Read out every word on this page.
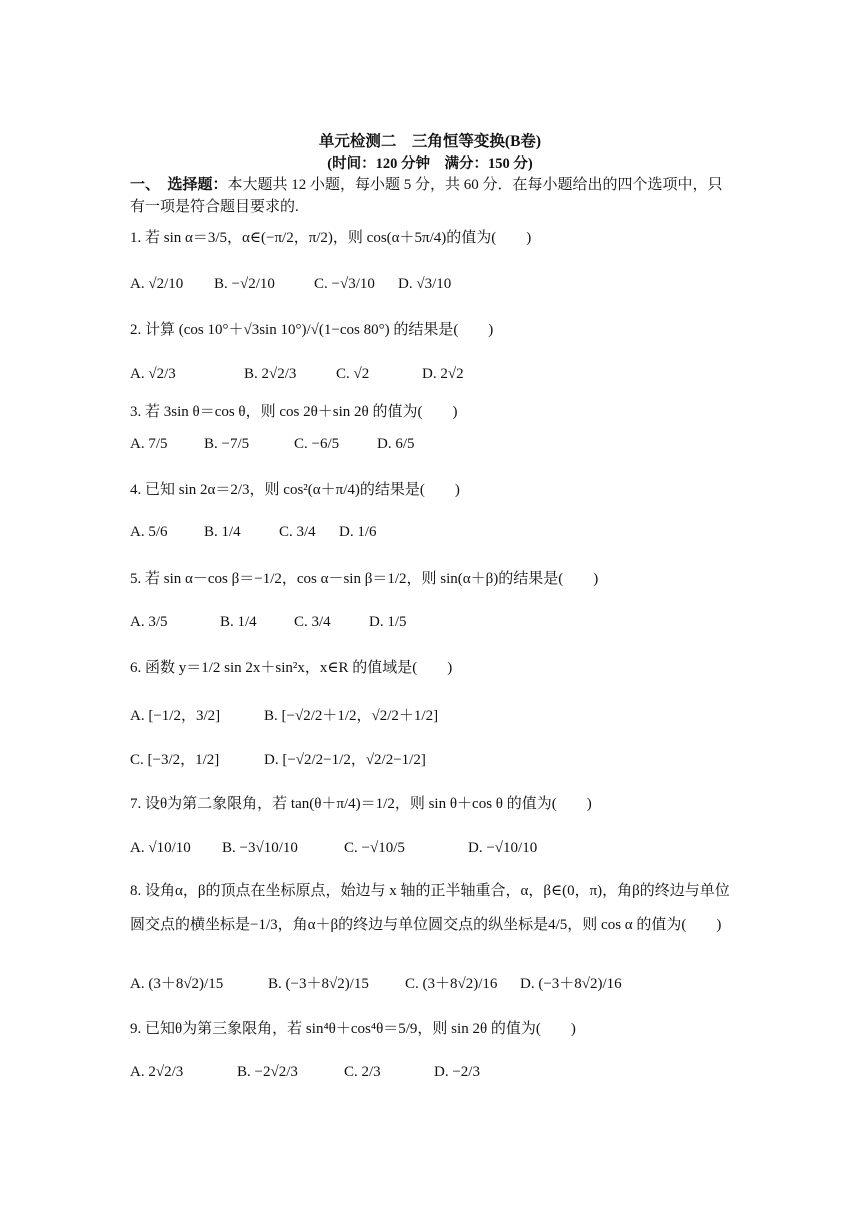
单元检测二　三角恒等变换(B卷)
(时间：120 分钟　满分：150 分)
一、　选择题：本大题共 12 小题，每小题 5 分，共 60 分．在每小题给出的四个选项中，只有一项是符合题目要求的.
1. 若 sin α＝3/5，α∈(−π/2，π/2)，则 cos(α＋5π/4)的值为(　　)
A. √2/10 B. −√2/10	C. −√3/10 D. √3/10
2. 计算 (cos 10°＋√3sin 10°)/√(1−cos 80°) 的结果是(　　)
A. √2/3	B. 2√2/3	C. √2	D. 2√2
3. 若 3sin θ＝cos θ，则 cos 2θ＋sin 2θ 的值为(　　)
A. 7/5 B. −7/5	C. −6/5	D. 6/5
4. 已知 sin 2α＝2/3，则 cos²(α＋π/4)的结果是(　　)
A. 5/6 B. 1/4	C. 3/4 D. 1/6
5. 若 sin α－cos β＝−1/2，cos α－sin β＝1/2，则 sin(α＋β)的结果是(　　)
A. 3/5	B. 1/4 C. 3/4	D. 1/5
6. 函数 y＝1/2 sin 2x＋sin²x，x∈R 的值域是(　　)
A. [−1/2，3/2]	B. [−√2/2＋1/2，√2/2＋1/2]
C. [−3/2，1/2]	D. [−√2/2−1/2，√2/2−1/2]
7. 设θ为第二象限角，若 tan(θ＋π/4)＝1/2，则 sin θ＋cos θ 的值为(　　)
A. √10/10 B. −3√10/10	C. −√10/5	D. −√10/10
8. 设角α，β的顶点在坐标原点，始边与 x 轴的正半轴重合，α，β∈(0，π)，角β的终边与单位圆交点的横坐标是−1/3，角α＋β的终边与单位圆交点的纵坐标是4/5，则 cos α 的值为(　　)
A. (3＋8√2)/15	B. (−3＋8√2)/15 C. (3＋8√2)/16 D. (−3＋8√2)/16
9. 已知θ为第三象限角，若 sin⁴θ＋cos⁴θ＝5/9，则 sin 2θ 的值为(　　)
A. 2√2/3	B. −2√2/3	C. 2/3	D. −2/3
